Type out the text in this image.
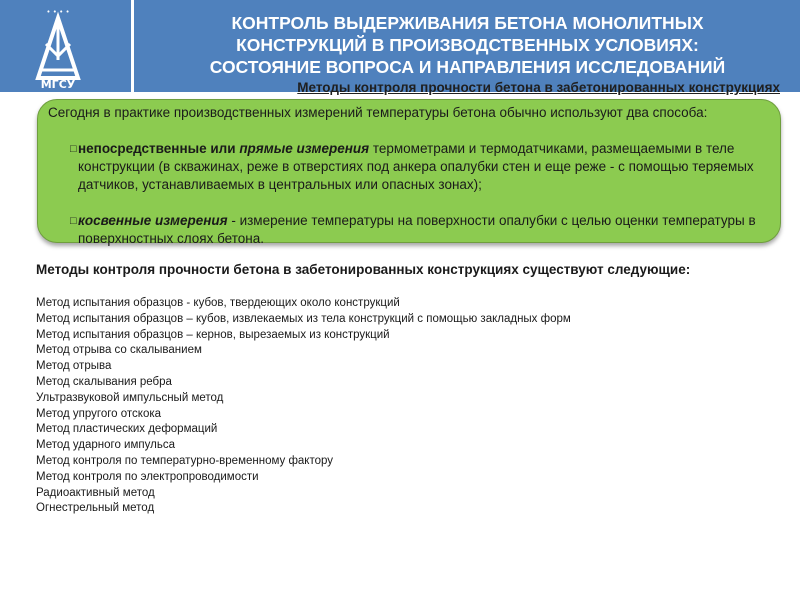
• • • •
МГСУ
КОНТРОЛЬ ВЫДЕРЖИВАНИЯ БЕТОНА МОНОЛИТНЫХ
КОНСТРУКЦИЙ В ПРОИЗВОДСТВЕННЫХ УСЛОВИЯХ:
СОСТОЯНИЕ ВОПРОСА И НАПРАВЛЕНИЯ ИССЛЕДОВАНИЙ
Методы контроля прочности бетона в забетонированных конструкциях
Сегодня в практике производственных измерений температуры бетона обычно используют два способа:
□ непосредственные или прямые измерения термометрами и термодатчиками, размещаемыми в теле конструкции (в скважинах, реже в отверстиях под анкера опалубки стен и еще реже - с помощью теряемых датчиков, устанавливаемых в центральных или опасных зонах);
□ косвенные измерения - измерение температуры на поверхности опалубки с целью оценки температуры в поверхностных слоях бетона.
Методы контроля прочности бетона в забетонированных конструкциях существуют следующие:
Метод испытания образцов - кубов, твердеющих около конструкций
Метод испытания образцов – кубов, извлекаемых из тела конструкций с помощью закладных форм
Метод испытания образцов – кернов, вырезаемых из конструкций
Метод отрыва со скалыванием
Метод отрыва
Метод скалывания ребра
Ультразвуковой импульсный метод
Метод упругого отскока
Метод пластических деформаций
Метод ударного импульса
Метод контроля по температурно-временному фактору
Метод контроля по электропроводимости
Радиоактивный метод
Огнестрельный метод
